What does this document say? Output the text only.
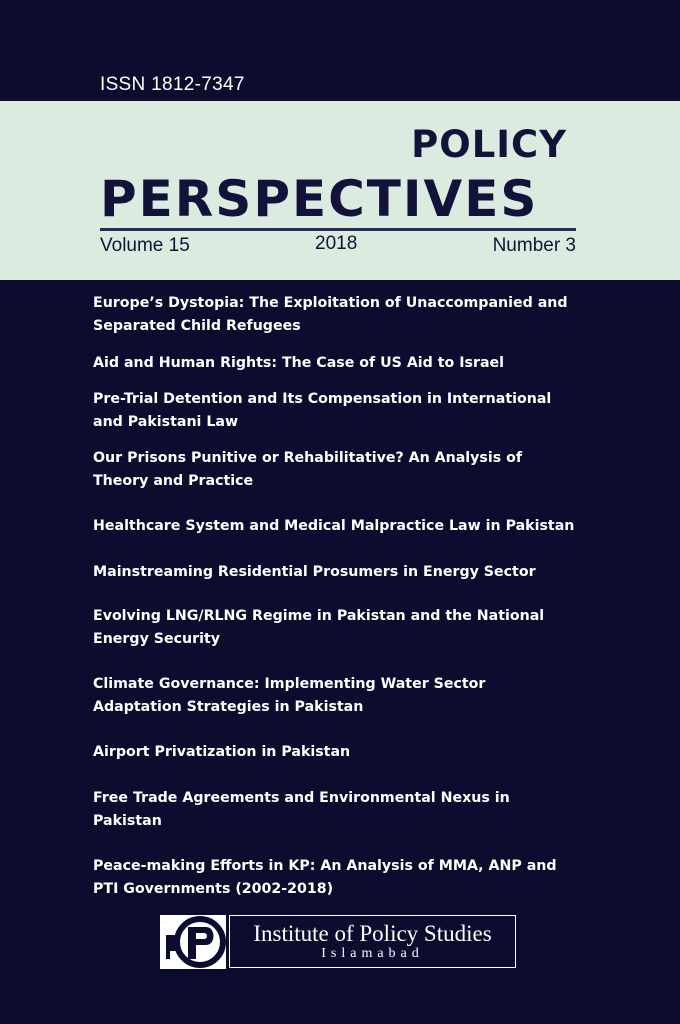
ISSN 1812-7347
POLICY
PERSPECTIVES
Volume 15	2018	Number 3
Europe’s Dystopia: The Exploitation of Unaccompanied and
Separated Child Refugees
Aid and Human Rights: The Case of US Aid to Israel
Pre-Trial Detention and Its Compensation in International
and Pakistani Law
Our Prisons Punitive or Rehabilitative? An Analysis of
Theory and Practice
Healthcare System and Medical Malpractice Law in Pakistan
Mainstreaming Residential Prosumers in Energy Sector
Evolving LNG/RLNG Regime in Pakistan and the National
Energy Security
Climate Governance: Implementing Water Sector
Adaptation Strategies in Pakistan
Airport Privatization in Pakistan
Free Trade Agreements and Environmental Nexus in
Pakistan
Peace-making Efforts in KP: An Analysis of MMA, ANP and
PTI Governments (2002-2018)
Institute of Policy Studies
Islamabad
